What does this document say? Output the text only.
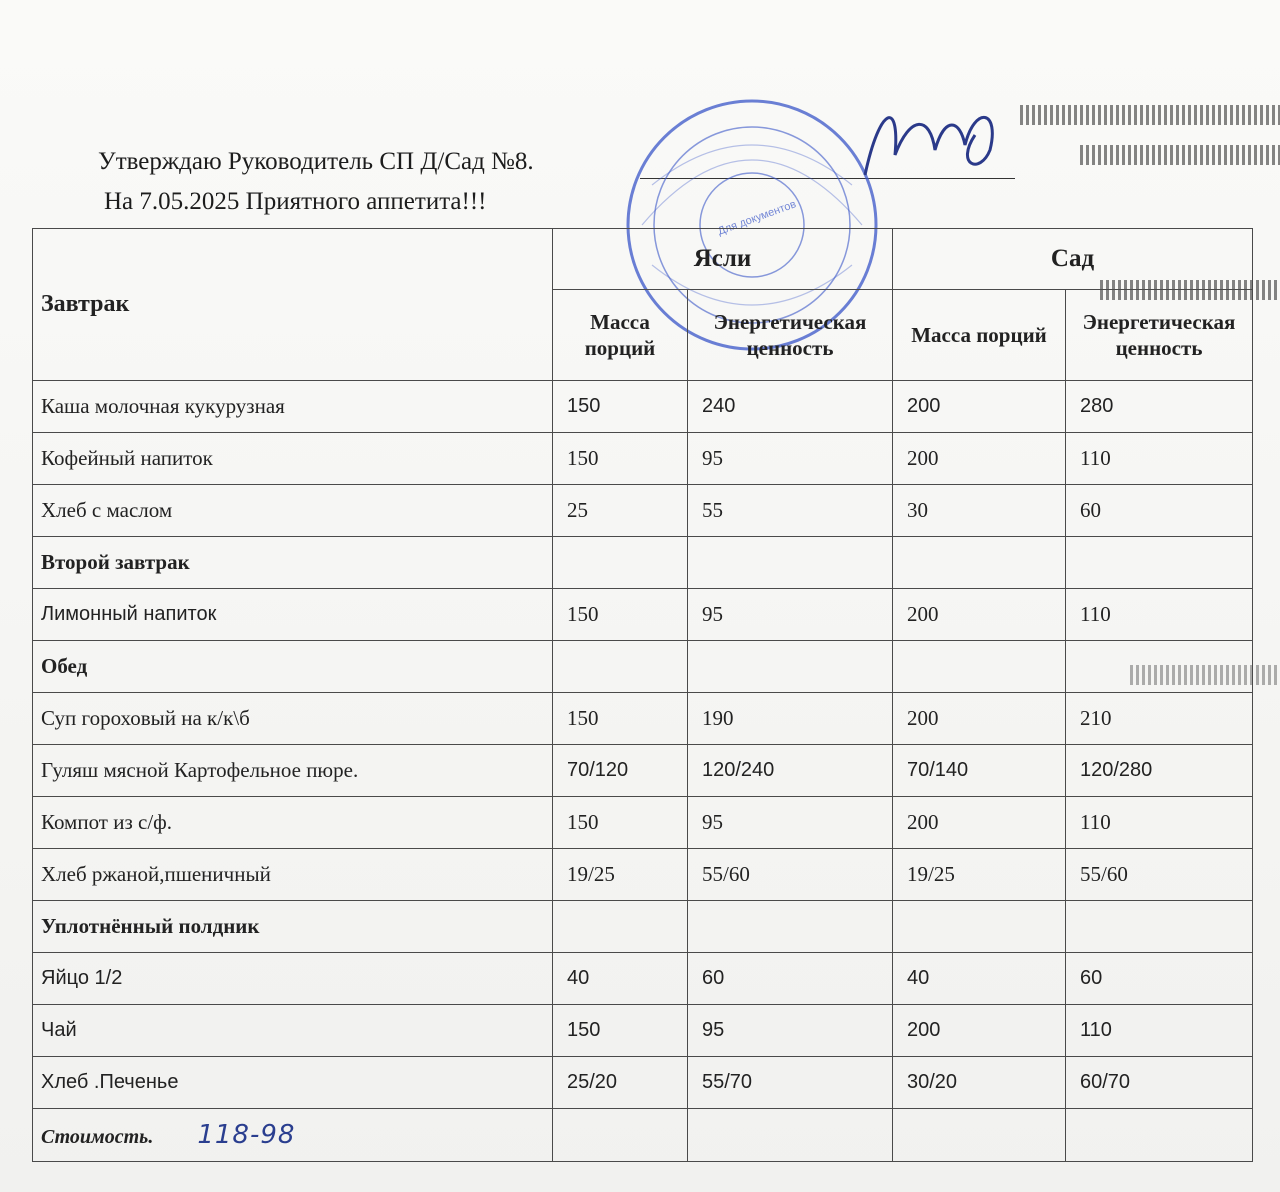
Утверждаю Руководитель СП Д/Сад №8.
На 7.05.2025 Приятного аппетита!!!	Для документов
Завтрак	Ясли		Сад	
	Масса порций	Энергетическая ценность	Масса порций	Энергетическая ценность
Каша молочная кукурузная	150	240	200	280
Кофейный напиток	150	95	200	110
Хлеб с маслом	25	55	30	60
Второй завтрак				
Лимонный напиток	150	95	200	110
Обед				
Суп гороховый на к/к\б	150	190	200	210
Гуляш мясной Картофельное пюре.	70/120	120/240	70/140	120/280
Компот из с/ф.	150	95	200	110
Хлеб ржаной,пшеничный	19/25	55/60	19/25	55/60
Уплотнённый полдник				
Яйцо 1/2	40	60	40	60
Чай	150	95	200	110
Хлеб .Печенье	25/20	55/70	30/20	60/70
Стоимость. 118-98				
